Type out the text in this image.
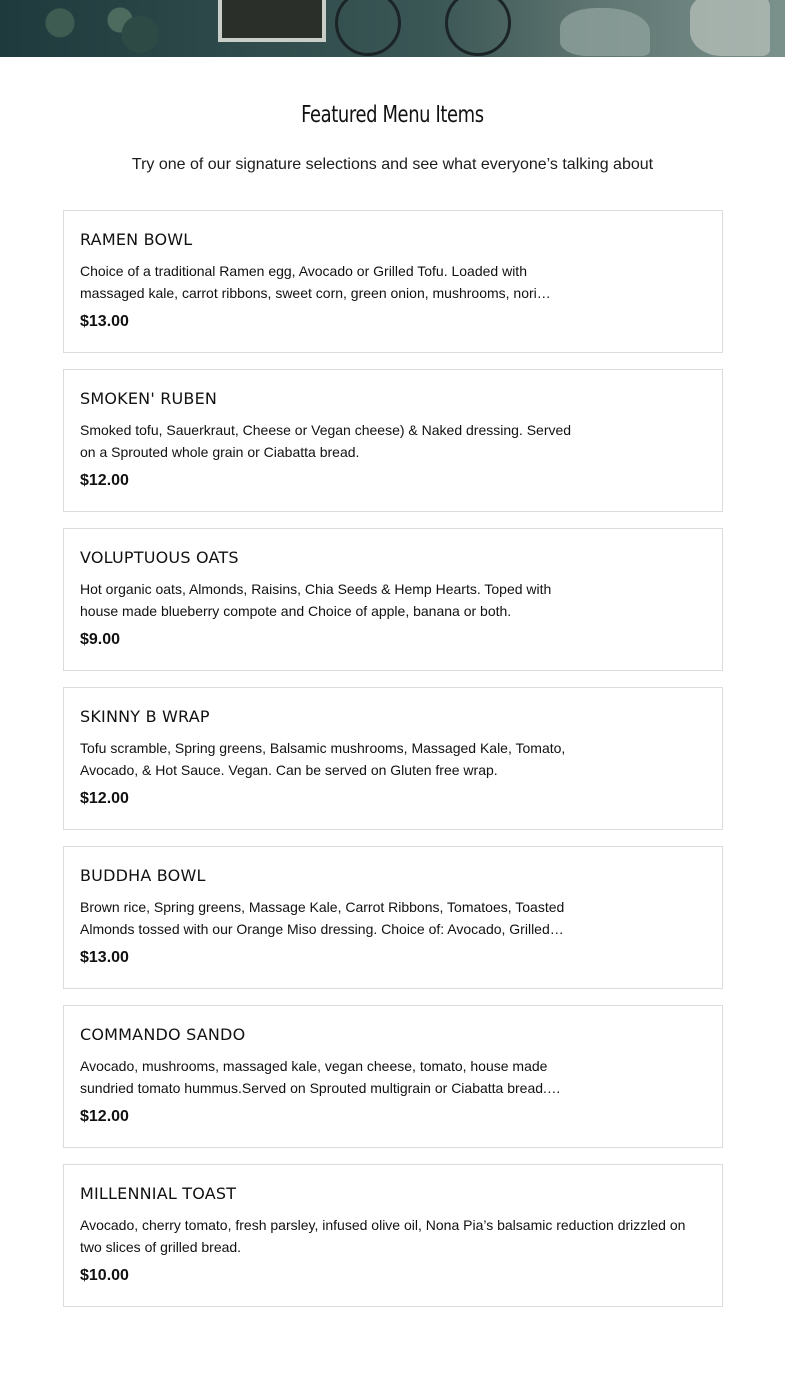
Featured Menu Items

Try one of our signature selections and see what everyone’s talking about

RAMEN BOWL

Choice of a traditional Ramen egg, Avocado or Grilled Tofu. Loaded with massaged kale, carrot ribbons, sweet corn, green onion, mushrooms, nori…

$13.00

SMOKEN' RUBEN

Smoked tofu, Sauerkraut, Cheese or Vegan cheese) & Naked dressing. Served on a Sprouted whole grain or Ciabatta bread.

$12.00

VOLUPTUOUS OATS

Hot organic oats, Almonds, Raisins, Chia Seeds & Hemp Hearts. Toped with house made blueberry compote and Choice of apple, banana or both.

$9.00

SKINNY B WRAP

Tofu scramble, Spring greens, Balsamic mushrooms, Massaged Kale, Tomato, Avocado, & Hot Sauce. Vegan. Can be served on Gluten free wrap.

$12.00

BUDDHA BOWL

Brown rice, Spring greens, Massage Kale, Carrot Ribbons, Tomatoes, Toasted Almonds tossed with our Orange Miso dressing. Choice of: Avocado, Grilled…

$13.00

COMMANDO SANDO

Avocado, mushrooms, massaged kale, vegan cheese, tomato, house made sundried tomato hummus.Served on Sprouted multigrain or Ciabatta bread.…

$12.00

MILLENNIAL TOAST

Avocado, cherry tomato, fresh parsley, infused olive oil, Nona Pia’s balsamic reduction drizzled on two slices of grilled bread.

$10.00
